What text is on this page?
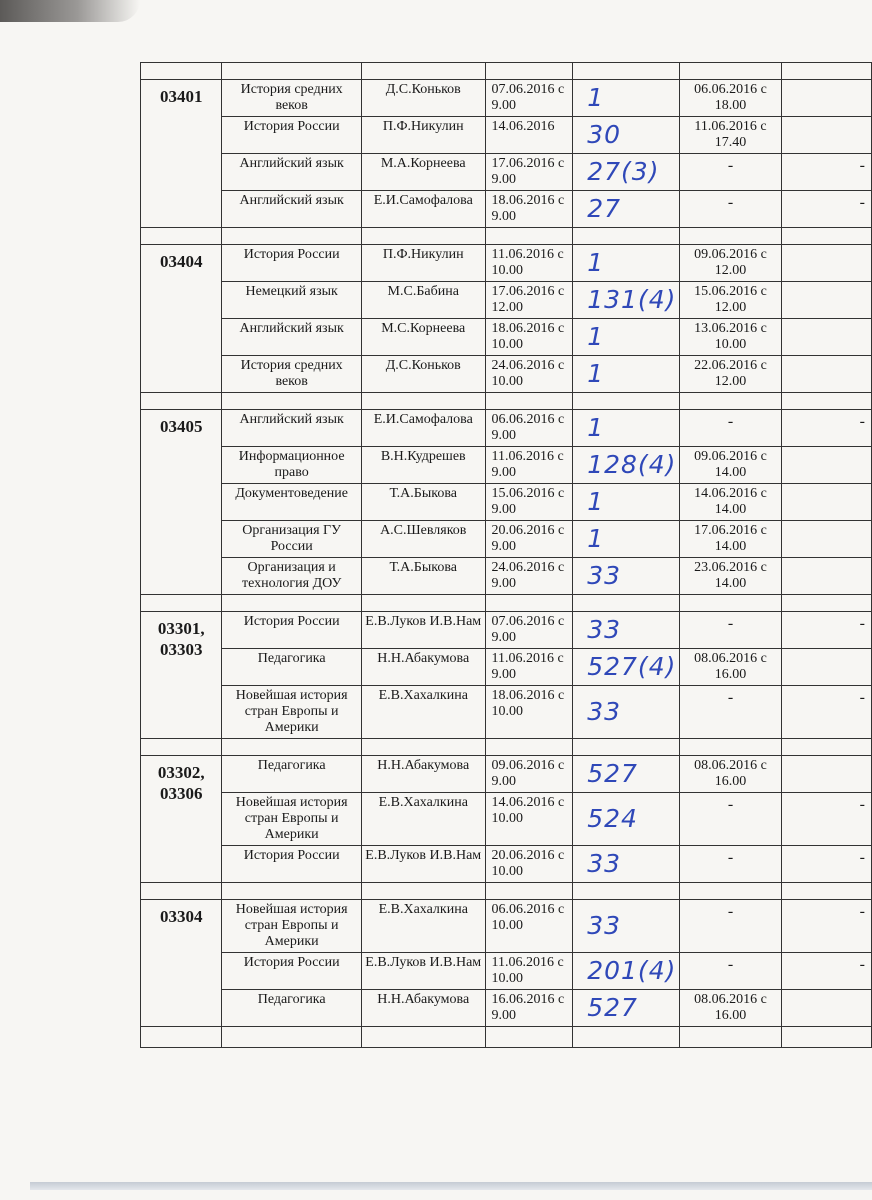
03401	История средних веков	Д.С.Коньков	07.06.2016 с 9.00	1	06.06.2016 с 18.00	
	История России	П.Ф.Никулин	14.06.2016	30	11.06.2016 с 17.40	
	Английский язык	М.А.Корнеева	17.06.2016 с 9.00	27(3)	-	-
	Английский язык	Е.И.Самофалова	18.06.2016 с 9.00	27	-	-

03404	История России	П.Ф.Никулин	11.06.2016 с 10.00	1	09.06.2016 с 12.00	
	Немецкий язык	М.С.Бабина	17.06.2016 с 12.00	131(4)	15.06.2016 с 12.00	
	Английский язык	М.С.Корнеева	18.06.2016 с 10.00	1	13.06.2016 с 10.00	
	История средних веков	Д.С.Коньков	24.06.2016 с 10.00	1	22.06.2016 с 12.00	

03405	Английский язык	Е.И.Самофалова	06.06.2016 с 9.00	1	-	-
	Информационное право	В.Н.Кудрешев	11.06.2016 с 9.00	128(4)	09.06.2016 с 14.00	
	Документоведение	Т.А.Быкова	15.06.2016 с 9.00	1	14.06.2016 с 14.00	
	Организация ГУ России	А.С.Шевляков	20.06.2016 с 9.00	1	17.06.2016 с 14.00	
	Организация и технология ДОУ	Т.А.Быкова	24.06.2016 с 9.00	33	23.06.2016 с 14.00	

03301, 03303	История России	Е.В.Луков И.В.Нам	07.06.2016 с 9.00	33	-	-
	Педагогика	Н.Н.Абакумова	11.06.2016 с 9.00	527(4)	08.06.2016 с 16.00	
	Новейшая история стран Европы и Америки	Е.В.Хахалкина	18.06.2016 с 10.00	33	-	-

03302, 03306	Педагогика	Н.Н.Абакумова	09.06.2016 с 9.00	527	08.06.2016 с 16.00	
	Новейшая история стран Европы и Америки	Е.В.Хахалкина	14.06.2016 с 10.00	524	-	-
	История России	Е.В.Луков И.В.Нам	20.06.2016 с 10.00	33	-	-

03304	Новейшая история стран Европы и Америки	Е.В.Хахалкина	06.06.2016 с 10.00	33	-	-
	История России	Е.В.Луков И.В.Нам	11.06.2016 с 10.00	201(4)	-	-
	Педагогика	Н.Н.Абакумова	16.06.2016 с 9.00	527	08.06.2016 с 16.00	
